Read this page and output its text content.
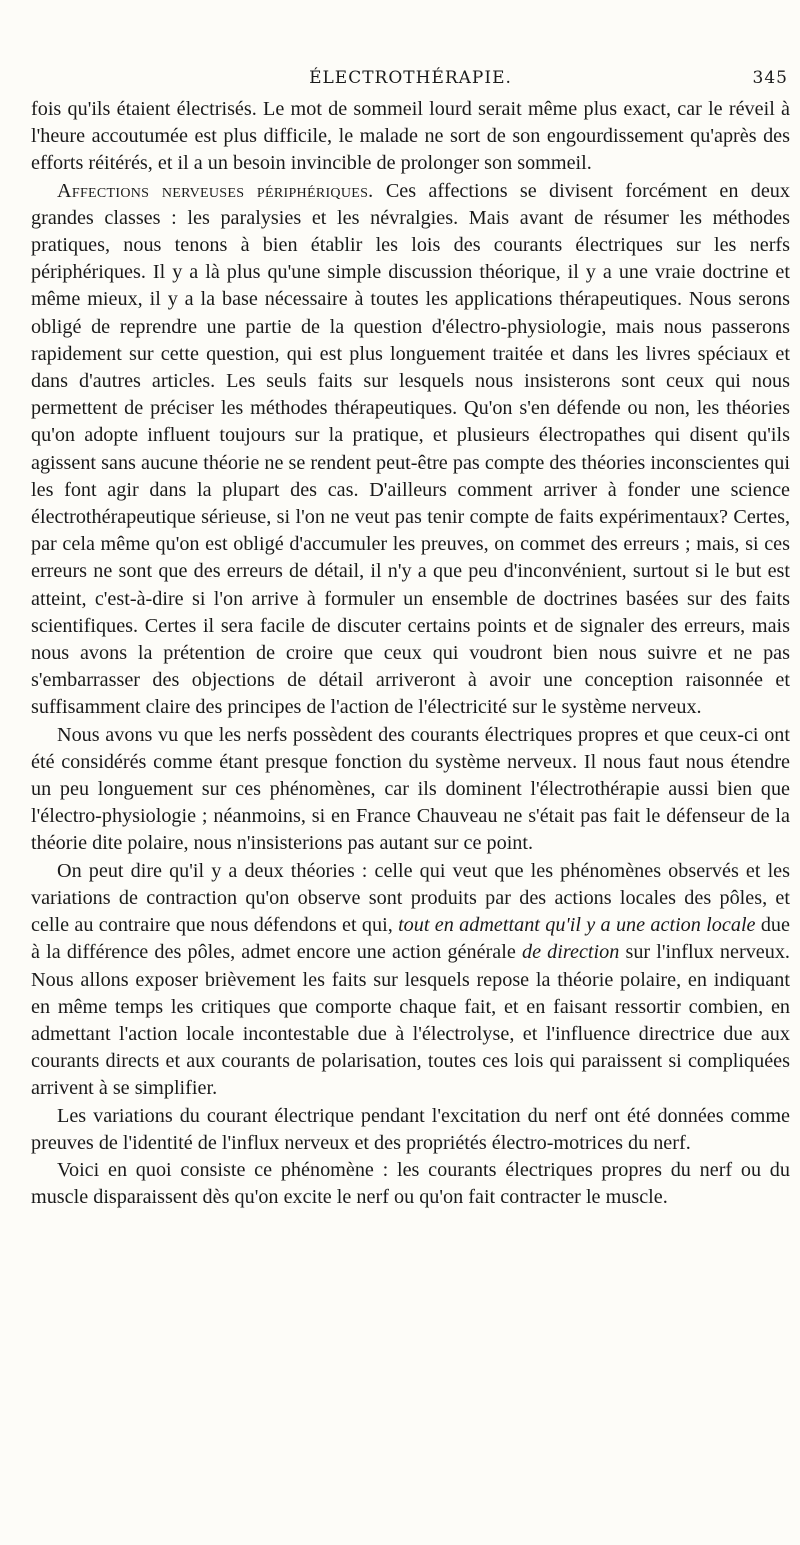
ÉLECTROTHÉRAPIE.	345

fois qu'ils étaient électrisés. Le mot de sommeil lourd serait même plus exact, car le réveil à l'heure accoutumée est plus difficile, le malade ne sort de son engourdissement qu'après des efforts réitérés, et il a un besoin invincible de prolonger son sommeil.

Affections nerveuses périphériques. Ces affections se divisent forcément en deux grandes classes : les paralysies et les névralgies. Mais avant de résumer les méthodes pratiques, nous tenons à bien établir les lois des courants électriques sur les nerfs périphériques. Il y a là plus qu'une simple discussion théorique, il y a une vraie doctrine et même mieux, il y a la base nécessaire à toutes les applications thérapeutiques. Nous serons obligé de reprendre une partie de la question d'électro-physiologie, mais nous passerons rapidement sur cette question, qui est plus longuement traitée et dans les livres spéciaux et dans d'autres articles. Les seuls faits sur lesquels nous insisterons sont ceux qui nous permettent de préciser les méthodes thérapeutiques. Qu'on s'en défende ou non, les théories qu'on adopte influent toujours sur la pratique, et plusieurs électropathes qui disent qu'ils agissent sans aucune théorie ne se rendent peut-être pas compte des théories inconscientes qui les font agir dans la plupart des cas. D'ailleurs comment arriver à fonder une science électrothérapeutique sérieuse, si l'on ne veut pas tenir compte de faits expérimentaux? Certes, par cela même qu'on est obligé d'accumuler les preuves, on commet des erreurs ; mais, si ces erreurs ne sont que des erreurs de détail, il n'y a que peu d'inconvénient, surtout si le but est atteint, c'est-à-dire si l'on arrive à formuler un ensemble de doctrines basées sur des faits scientifiques. Certes il sera facile de discuter certains points et de signaler des erreurs, mais nous avons la prétention de croire que ceux qui voudront bien nous suivre et ne pas s'embarrasser des objections de détail arriveront à avoir une conception raisonnée et suffisamment claire des principes de l'action de l'électricité sur le système nerveux.

Nous avons vu que les nerfs possèdent des courants électriques propres et que ceux-ci ont été considérés comme étant presque fonction du système nerveux. Il nous faut nous étendre un peu longuement sur ces phénomènes, car ils dominent l'électrothérapie aussi bien que l'électro-physiologie ; néanmoins, si en France Chauveau ne s'était pas fait le défenseur de la théorie dite polaire, nous n'insisterions pas autant sur ce point.

On peut dire qu'il y a deux théories : celle qui veut que les phénomènes observés et les variations de contraction qu'on observe sont produits par des actions locales des pôles, et celle au contraire que nous défendons et qui, tout en admettant qu'il y a une action locale due à la différence des pôles, admet encore une action générale de direction sur l'influx nerveux. Nous allons exposer brièvement les faits sur lesquels repose la théorie polaire, en indiquant en même temps les critiques que comporte chaque fait, et en faisant ressortir combien, en admettant l'action locale incontestable due à l'électrolyse, et l'influence directrice due aux courants directs et aux courants de polarisation, toutes ces lois qui paraissent si compliquées arrivent à se simplifier.

Les variations du courant électrique pendant l'excitation du nerf ont été données comme preuves de l'identité de l'influx nerveux et des propriétés électro-motrices du nerf.

Voici en quoi consiste ce phénomène : les courants électriques propres du nerf ou du muscle disparaissent dès qu'on excite le nerf ou qu'on fait contracter le muscle.
